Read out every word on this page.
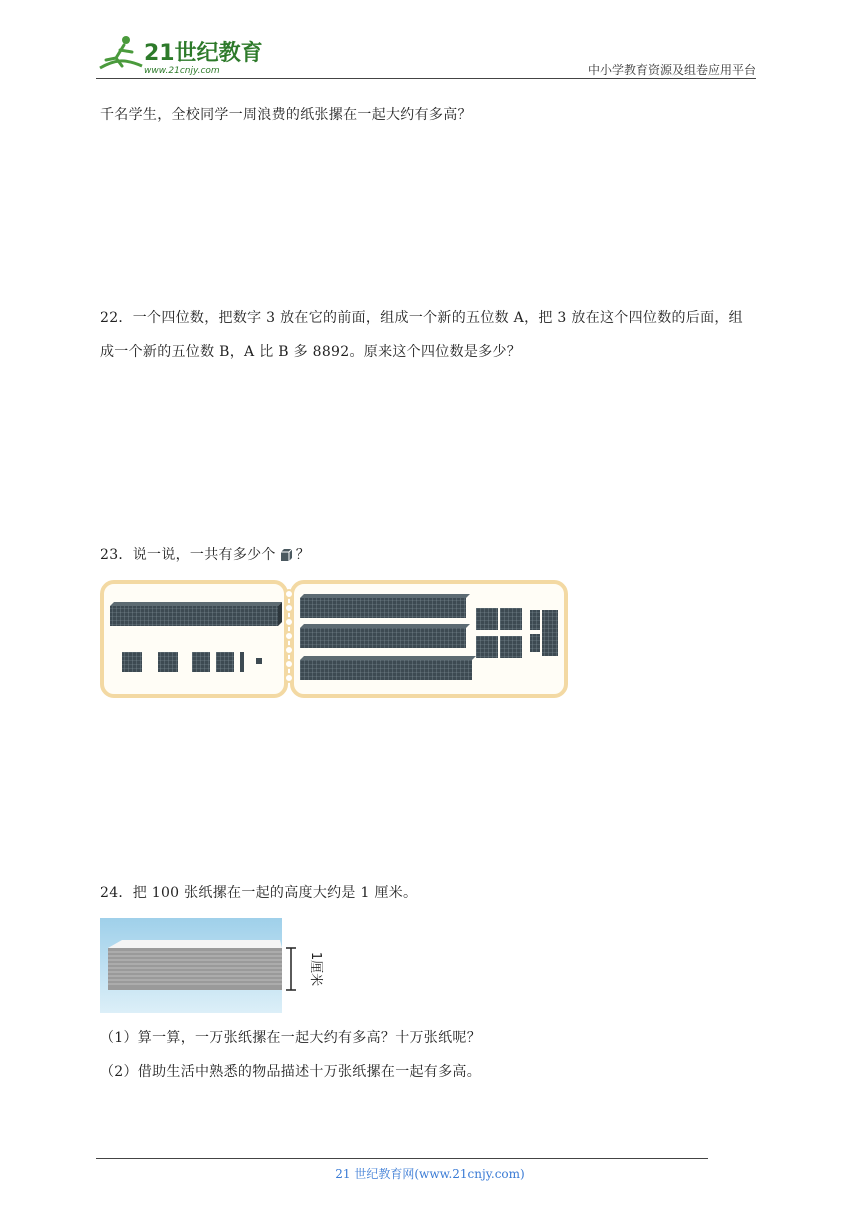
21世纪教育
www.21cnjy.com	中小学教育资源及组卷应用平台
千名学生，全校同学一周浪费的纸张摞在一起大约有多高？
22．一个四位数，把数字 3 放在它的前面，组成一个新的五位数 A，把 3 放在这个四位数的后面，组
成一个新的五位数 B，A 比 B 多 8892。原来这个四位数是多少？
23．说一说，一共有多少个 ？
24．把 100 张纸摞在一起的高度大约是 1 厘米。
1厘米
（1）算一算，一万张纸摞在一起大约有多高？十万张纸呢？
（2）借助生活中熟悉的物品描述十万张纸摞在一起有多高。
21 世纪教育网(www.21cnjy.com)
